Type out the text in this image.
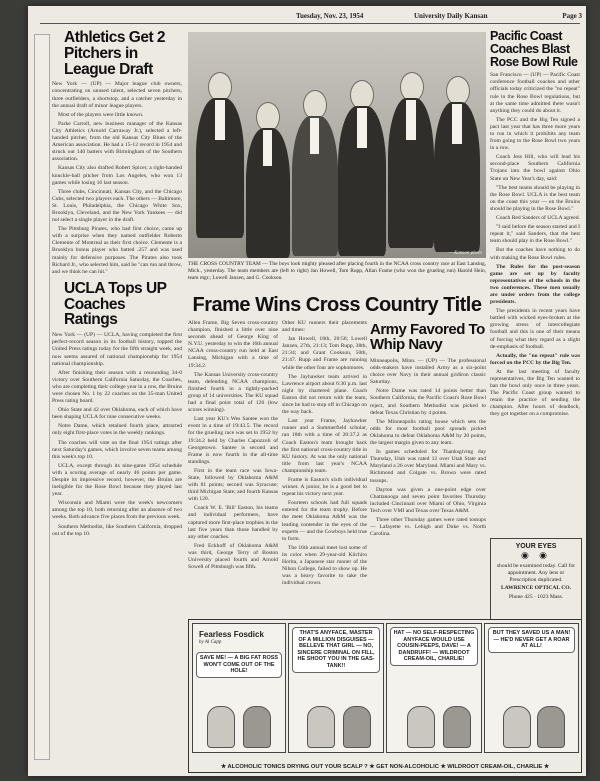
Tuesday, Nov. 23, 1954	University Daily Kansan	Page 3
Athletics Get 2 Pitchers in League Draft

New York — (UP) — Major league club owners, concentrating on unused talent, selected seven pitchers, three outfielders, a shortstop, and a catcher yesterday in the annual draft of minor league players.

Most of the players were little known.

Parke Carroll, new business manager of the Kansas City Athletics (Arnold Carraway Jr.), selected a left-handed pitcher, from the old Kansas City Blues of the American association. He had a 15-12 record in 1954 and struck out 140 batters with Birmingham of the Southern association.

Kansas City also drafted Robert Spicer, a right-handed knuckle-ball pitcher from Los Angeles, who won 13 games while losing 16 last season.

Three clubs, Cincinnati, Kansas City, and the Chicago Cubs, selected two players each. The others — Baltimore, St. Louis, Philadelphia, the Chicago White Sox, Brooklyn, Cleveland, and the New York Yankees — did not select a single player in the draft.

The Pittsburg Pirates, who had first choice, came up with a surprise when they named outfielder Roberto Clemente of Montreal as their first choice. Clemente is a Brooklyn bonus player who batted .257 and was used mainly for defensive purposes. The Pirates also took Richard Jr., who selected him, said he "can run and throw, and we think he can hit."

UCLA Tops UP Coaches Ratings

New York — (UP) — UCLA, having completed the first perfect-record season in its football history, topped the United Press ratings today for the fifth straight week, and now seems assured of national championship for 1954 national championship.

After finishing their season with a resounding 34-0 victory over Southern California Saturday, the Coaches, who are completing their college year in a row, the Bruins were chosen No. 1 by 22 coaches on the 35-man United Press rating board.

Ohio State and 42 over Oklahoma, each of which have been shaping UCLA for nine consecutive weeks.

Notre Dame, which retained fourth place, attracted only eight first-place votes in the weekly rankings.

The coaches will vote on the final 1954 ratings after next Saturday's games, which involve seven teams among this week's top 10.

UCLA, except through its nine-game 1954 schedule with a scoring average of nearly 46 points per game. Despite its impressive record, however, the Bruins are ineligible for the Rose Bowl because they played last year.

Wisconsin and Miami were the week's newcomers among the top 10, both returning after an absence of two weeks. Both advance five places from the previous week.

Southern Methodist, like Southern California, dropped out of the top 10.

— Kansan photo
THE CROSS COUNTRY TEAM — The boys look mighty pleased after placing fourth in the NCAA cross country race at East Lansing, Mich., yesterday. The team members are (left to right) Jan Howell, Tom Rupp, Allan Frame (who won the grueling run) Harold Hein, team mgr.; Lowell Janzen, and G. Cookson.
Frame Wins Cross Country Title

Allen Frame, Big Seven cross-country champion, finished a little over nine seconds ahead of George King of N.Y.U. yesterday to win the 16th annual NCAA cross-country run held at East Lansing, Michigan with a time of 19:34.2.

The Kansas University cross-country team, defending NCAA champions, finished fourth in a tightly-packed group of 14 universities. The KU squad had a final point total of 120 (low scores winning).

Last year KU's Wes Santee won the event in a time of 19:43.5. The record for the grueling race was set in 1952 by 19:34.2 held by Charles Capozzoli of Georgetown. Santee is second and Frame is now fourth in the all-time standings.

First in the team race was Iowa-State, followed by Oklahoma A&M with 81 points; second was Syracuse; third Michigan State; and fourth Kansas with 120.

Coach W. E. 'Bill' Easton, his teams and individual performers, have captured more first-place trophies in the last five years than those handled by any other coaches.

Fred Eckhoff of Oklahoma A&M was third, George Terry of Boston University placed fourth and Arnold Sowell of Pittsburgh was fifth.

Other KU runners their placements and times:

Jan Howell, 18th, 20:56; Lowell Janzen, 27th, 21:13; Tom Rupp, 38th, 21:34; and Grant Cookson, 50th, 21:47. Rupp and Frame are running while the other four are sophomores.

The Jayhawker team arrived in Lawrence airport about 6:30 p.m. last night by chartered plane. Coach Easton did not return with the team, since he had to stop off in Chicago on the way back.

Last year Frame, Jayhawker runner and a Summerfield scholar, ran 18th with a time of 20:37.2 as Coach Easton's team brought back the first national cross-country title in KU history. At was the only national title from last year's NCAA championship team.

Frame is Easton's sixth individual winner. A junior, he is a good bet to repeat his victory next year.

Fourteen schools had full squads entered for the team trophy. Before the meet Oklahoma A&M was the leading contender in the eyes of the experts — and the Cowboys held true to form.

The 16th annual meet lost some of its color when 29-year-old Kiichiro Horita, a Japanese star runner of the Nihon College, failed to show up. He was a heavy favorite to take the individual crown.

Army Favored To Whip Navy

Minneapolis, Minn. — (UP) — The professional odds-makers have installed Army as a six-point choice over Navy in their annual gridiron classic Saturday.

Notre Dame was rated 14 points better than Southern California, the Pacific Coast's Rose Bowl reject, and Southern Methodist was picked to defeat Texas Christian by 4 points.

The Minneapolis rating house which sets the odds for most football pool spreads picked Oklahoma to defeat Oklahoma A&M by 20 points, the largest margin given to any team.

In games scheduled for Thanksgiving day Thursday, Utah was rated 12 over Utah State and Maryland a 26 over Maryland. Miami and Mary vs. Richmond and Colgate vs. Brown were rated tossups.

Dayton was given a one-point edge over Chattanooga and seven point favorites Thursday included Cincinnati over Miami of Ohio, Virginia Tech over VMI and Texas over Texas A&M.

Three other Thursday games were rated tossups — Lafayette vs. Lehigh and Duke vs. North Carolina.

Pacific Coast Coaches Blast Rose Bowl Rule

San Francisco — (UP) — Pacific Coast conference football coaches and other officials today criticized the "no repeat" rule in the Rose Bowl regulations, but at the same time admitted there wasn't anything they could do about it.

The PCC and the Big Ten signed a pact last year that has three more years to run in which it prohibits any team from going to the Rose Bowl two years in a row.

Coach Jess Hill, who will lead his second-place Southern California Trojans into the bowl against Ohio State on New Year's day, said:

"The best teams should be playing in the Rose Bowl. UCLA is the best team on the coast this year — on the Bruins should be playing in the Rose Bowl."

Coach Red Sanders of UCLA agreed.

"I said before the season started and I repeat it," said Sanders, that the best team should play in the Rose Bowl."

But the coaches have nothing to do with making the Rose Bowl rules.

The Rules for the post-season game are set up by faculty representatives of the schools in the two conferences. These men usually are under orders from the college presidents.

The presidents in recent years have battled with wicked eyes-broken at the growing stress of intercollegiate football and this is one of their means of forcing what they regard as a slight de-emphasis of football.

Actually, the "no repeat" rule was forced on the PCC by the Big Ten.

At the last meeting of faculty representatives, the Big Ten wanted to ban the bowl only once in three years. The Pacific Coast group wanted to retain the practice of sending the champion. After hours of deadlock, they got together on a compromise.

YOUR EYES
◉ ◉
should be examined today. Call for appointment. Any lens or Prescription duplicated.
LAWRENCE OPTICAL CO.
Phone 425 · 1023 Mass.
Fearless Fosdick
by Al Capp
SAVE ME! — A BIG FAT ROSS WON'T COME OUT OF THE HOLE!
THAT'S ANYFACE, MASTER OF A MILLION DISGUISES — BELLEVE THAT GIRL — NO, SINCERE CRIMINAL ON FILL, HE SHOOT YOU IN THE GAS-TANK!!
HAT — NO SELF-RESPECTING ANYFACE WOULD USE COUSIN-PEEPS, DAVE! — A DANDRUFF! — WILDROOT CREAM-OIL, CHARLIE!
BUT THEY SAVED US A MAN! — HE'D NEVER GET A ROAR AT ALL!
★ ALCOHOLIC TONICS DRYING OUT YOUR SCALP ? ★ GET NON-ALCOHOLIC ★ WILDROOT CREAM-OIL, CHARLIE ★
